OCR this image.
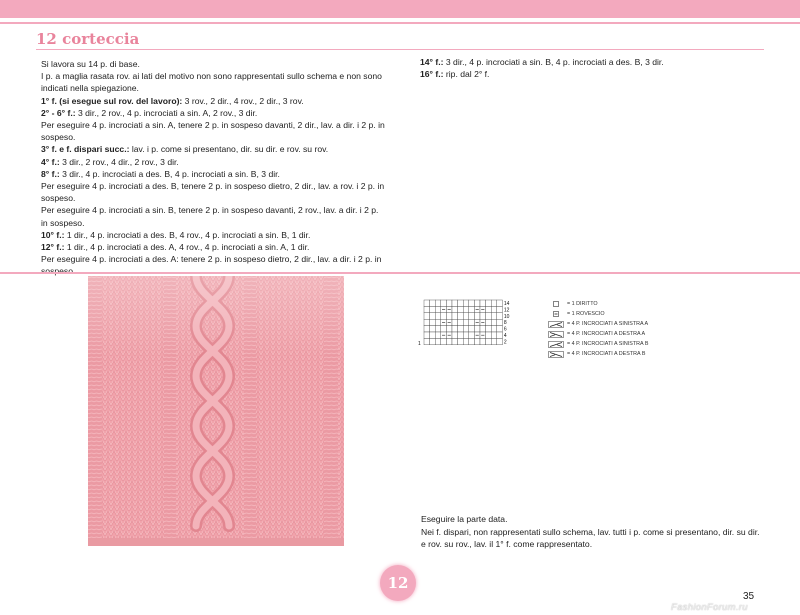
12 corteccia

Si lavora su 14 p. di base.

I p. a maglia rasata rov. ai lati del motivo non sono rappresentati sullo schema e non sono indicati nella spiegazione.

1° f. (si esegue sul rov. del lavoro): 3 rov., 2 dir., 4 rov., 2 dir., 3 rov.

2° - 6° f.: 3 dir., 2 rov., 4 p. incrociati a sin. A, 2 rov., 3 dir.

Per eseguire 4 p. incrociati a sin. A, tenere 2 p. in sospeso davanti, 2 dir., lav. a dir. i 2 p. in sospeso.

3° f. e f. dispari succ.: lav. i p. come si presentano, dir. su dir. e rov. su rov.

4° f.: 3 dir., 2 rov., 4 dir., 2 rov., 3 dir.

8° f.: 3 dir., 4 p. incrociati a des. B, 4 p. incrociati a sin. B, 3 dir.

Per eseguire 4 p. incrociati a des. B, tenere 2 p. in sospeso dietro, 2 dir., lav. a rov. i 2 p. in sospeso.

Per eseguire 4 p. incrociati a sin. B, tenere 2 p. in sospeso davanti, 2 rov., lav. a dir. i 2 p. in sospeso.

10° f.: 1 dir., 4 p. incrociati a des. B, 4 rov., 4 p. incrociati a sin. B, 1 dir.

12° f.: 1 dir., 4 p. incrociati a des. A, 4 rov., 4 p. incrociati a sin. A, 1 dir.

Per eseguire 4 p. incrociati a des. A: tenere 2 p. in sospeso dietro, 2 dir., lav. a dir. i 2 p. in

14° f.: 3 dir., 4 p. incrociati a sin. B, 4 p. incrociati a des. B, 3 dir.

16° f.: rip. dal 2° f.

14
12
10
8
6
4
2
1
= 1 DIRITTO
= 1 ROVESCIO
= 4 P. INCROCIATI A SINISTRA A
= 4 P. INCROCIATI A DESTRA A
= 4 P. INCROCIATI A SINISTRA B
= 4 P. INCROCIATI A DESTRA B

Eseguire la parte data.

Nei f. dispari, non rappresentati sullo schema, lav. tutti i p. come si presentano, dir. su dir. e rov. su rov., lav. il 1° f. come rappresentato.

12
35
FashionForum.ru
